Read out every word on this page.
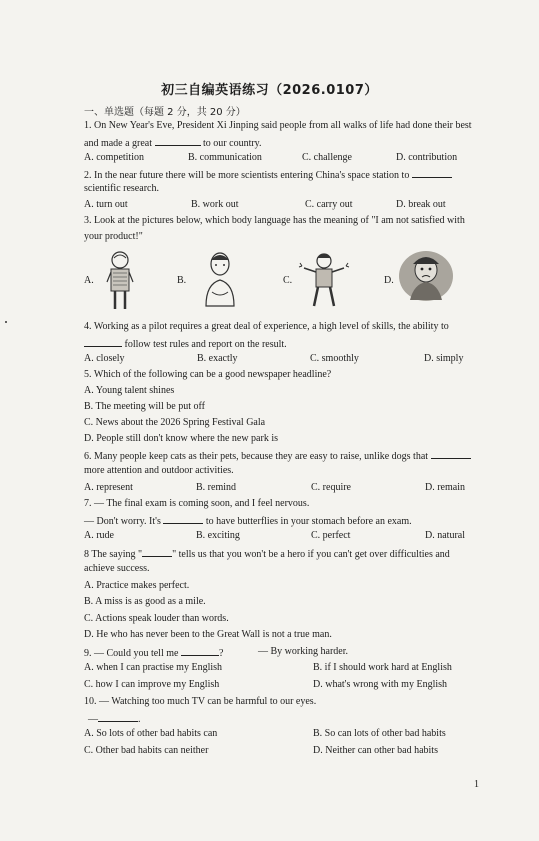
初三自编英语练习（2026.0107）
一、单选题（每题 2 分，共 20 分）
1. On New Year's Eve, President Xi Jinping said people from all walks of life had done their best
and made a great	to our country.
A. competition	B. communication	C. challenge	D. contribution
2. In the near future there will be more scientists entering China's space station to
scientific research.
A. turn out	B. work out	C. carry out	D. break out
3. Look at the pictures below, which body language has the meaning of "I am not satisfied with
your product!"
A.	B.	C.	D.
4. Working as a pilot requires a great deal of experience, a high level of skills, the ability to
follow test rules and report on the result.
A. closely	B. exactly	C. smoothly	D. simply
5. Which of the following can be a good newspaper headline?
A. Young talent shines
B. The meeting will be put off
C. News about the 2026 Spring Festival Gala
D. People still don't know where the new park is
6. Many people keep cats as their pets, because they are easy to raise, unlike dogs that
more attention and outdoor activities.
A. represent	B. remind	C. require	D. remain
7. — The final exam is coming soon, and I feel nervous.
— Don't worry. It's	to have butterflies in your stomach before an exam.
A. rude	B. exciting	C. perfect	D. natural
8 The saying "	" tells us that you won't be a hero if you can't get over difficulties and
achieve success.
A. Practice makes perfect.
B. A miss is as good as a mile.
C. Actions speak louder than words.
D. He who has never been to the Great Wall is not a true man.
9. — Could you tell me	?	— By working harder.
A. when I can practise my English	B. if I should work hard at English
C. how I can improve my English	D. what's wrong with my English
10. — Watching too much TV can be harmful to our eyes.
—	.
A. So lots of other bad habits can	B. So can lots of other bad habits
C. Other bad habits can neither	D. Neither can other bad habits
1
